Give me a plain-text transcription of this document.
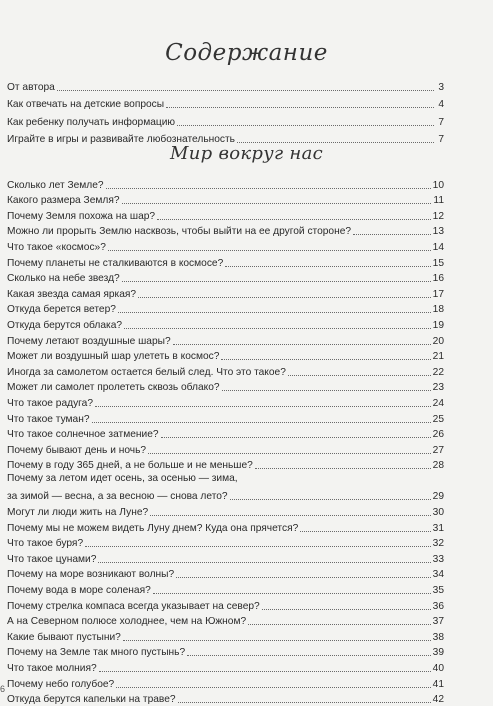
Содержание
От автора	3
Как отвечать на детские вопросы	4
Как ребенку получать информацию	7
Играйте в игры и развивайте любознательность	7
Мир вокруг нас
Сколько лет Земле?	10
Какого размера Земля?	11
Почему Земля похожа на шар?	12
Можно ли прорыть Землю насквозь, чтобы выйти на ее другой стороне?	13
Что такое «космос»?	14
Почему планеты не сталкиваются в космосе?	15
Сколько на небе звезд?	16
Какая звезда самая яркая?	17
Откуда берется ветер?	18
Откуда берутся облака?	19
Почему летают воздушные шары?	20
Может ли воздушный шар улететь в космос?	21
Иногда за самолетом остается белый след. Что это такое?	22
Может ли самолет пролететь сквозь облако?	23
Что такое радуга?	24
Что такое туман?	25
Что такое солнечное затмение?	26
Почему бывают день и ночь?	27
Почему в году 365 дней, а не больше и не меньше?	28
Почему за летом идет осень, за осенью — зима,
за зимой — весна, а за весною — снова лето?	29
Могут ли люди жить на Луне?	30
Почему мы не можем видеть Луну днем? Куда она прячется?	31
Что такое буря?	32
Что такое цунами?	33
Почему на море возникают волны?	34
Почему вода в море соленая?	35
Почему стрелка компаса всегда указывает на север?	36
А на Северном полюсе холоднее, чем на Южном?	37
Какие бывают пустыни?	38
Почему на Земле так много пустынь?	39
Что такое молния?	40
Почему небо голубое?	41
Откуда берутся капельки на траве?	42
6
